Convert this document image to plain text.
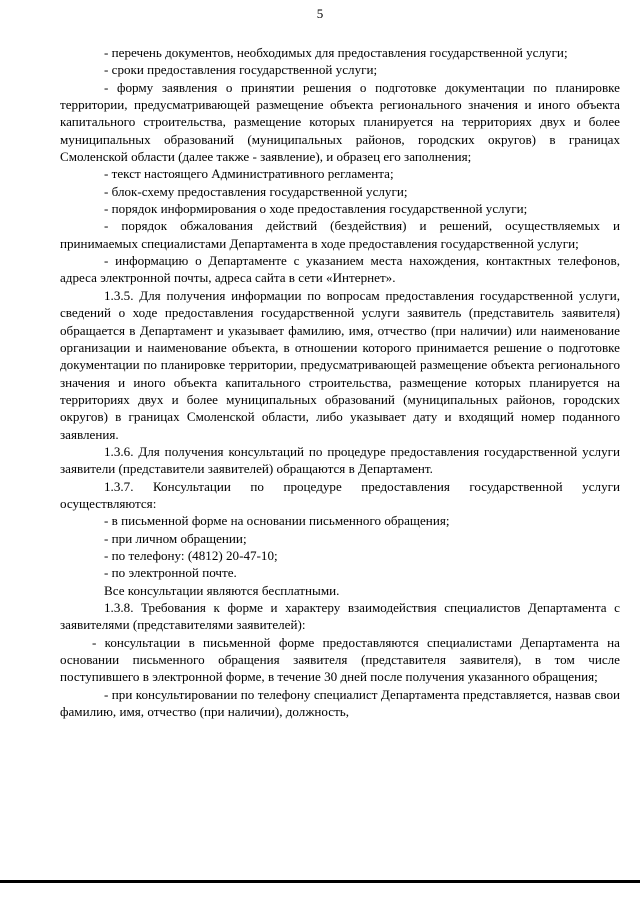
5

- перечень документов, необходимых для предоставления государственной услуги;

- сроки предоставления государственной услуги;

- форму заявления о принятии решения о подготовке документации по планировке территории, предусматривающей размещение объекта регионального значения и иного объекта капитального строительства, размещение которых планируется на территориях двух и более муниципальных образований (муниципальных районов, городских округов) в границах Смоленской области (далее также - заявление), и образец его заполнения;

- текст настоящего Административного регламента;

- блок-схему предоставления государственной услуги;

- порядок информирования о ходе предоставления государственной услуги;

- порядок обжалования действий (бездействия) и решений, осуществляемых и принимаемых специалистами Департамента в ходе предоставления государственной услуги;

- информацию о Департаменте с указанием места нахождения, контактных телефонов, адреса электронной почты, адреса сайта в сети «Интернет».

1.3.5. Для получения информации по вопросам предоставления государственной услуги, сведений о ходе предоставления государственной услуги заявитель (представитель заявителя) обращается в Департамент и указывает фамилию, имя, отчество (при наличии) или наименование организации и наименование объекта, в отношении которого принимается решение о подготовке документации по планировке территории, предусматривающей размещение объекта регионального значения и иного объекта капитального строительства, размещение которых планируется на территориях двух и более муниципальных образований (муниципальных районов, городских округов) в границах Смоленской области, либо указывает дату и входящий номер поданного заявления.

1.3.6. Для получения консультаций по процедуре предоставления государственной услуги заявители (представители заявителей) обращаются в Департамент.

1.3.7. Консультации по процедуре предоставления государственной услуги осуществляются:

- в письменной форме на основании письменного обращения;

- при личном обращении;

- по телефону: (4812) 20-47-10;

- по электронной почте.

Все консультации являются бесплатными.

1.3.8. Требования к форме и характеру взаимодействия специалистов Департамента с заявителями (представителями заявителей):

- консультации в письменной форме предоставляются специалистами Департамента на основании письменного обращения заявителя (представителя заявителя), в том числе поступившего в электронной форме, в течение 30 дней после получения указанного обращения;

- при консультировании по телефону специалист Департамента представляется, назвав свои фамилию, имя, отчество (при наличии), должность,
